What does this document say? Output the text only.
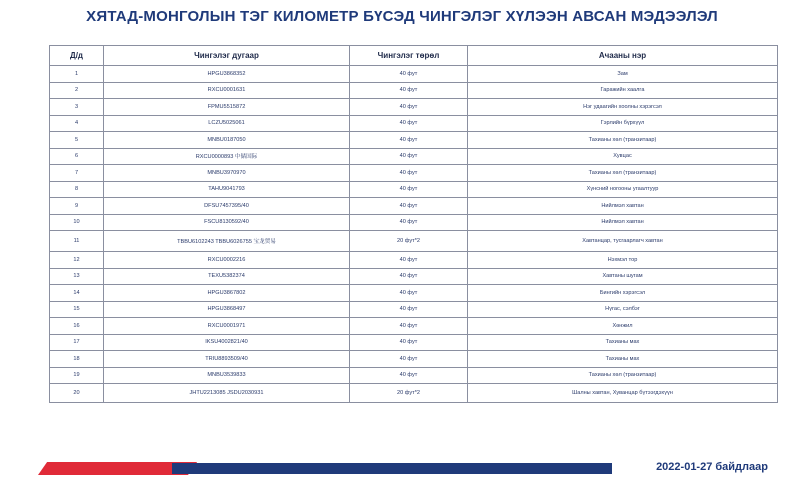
ХЯТАД-МОНГОЛЫН ТЭГ КИЛОМЕТР БҮСЭД ЧИНГЭЛЭГ ХҮЛЭЭН АВСАН МЭДЭЭЛЭЛ
Д/д	Чингэлэг дугаар	Чингэлэг төрөл	Ачааны нэр
1	HPGU3868352	40 фут	Зам
2	RXCU0001631	40 фут	Гаражийн хаалга
3	FPMU5515872	40 фут	Нэг удаагийн хоолны хэрэгсэл
4	LCZU5025061	40 фут	Гэрлийн бүрхүүл
5	MNBU0187050	40 фут	Тахианы хөл (транзитаар)
6	RXCU0000893 中储国际	40 фут	Хувцас
7	MNBU3970970	40 фут	Тахианы хөл (транзитаар)
8	TAHU9041793	40 фут	Хүнсний ногооны угаалтуур
9	DFSU7457395/40	40 фут	Нийлмэл хавтан
10	FSCU8130592/40	40 фут	Нийлмэл хавтан
11	TBBU6102243 TBBU6026755 宝龙贸易	20 фут*2	Хавтанцар, тусгаарлагч хавтан
12	RXCU0002216	40 фут	Нэхмэл тор
13	TEXU5382374	40 фут	Хавтаны шугам
14	HPGU3867802	40 фут	Бингийн хэрэгсэл
15	HPGU3868497	40 фут	Нүгас, сэлбэг
16	RXCU0001971	40 фут	Хөнжил
17	IKSU4002821/40	40 фут	Тахианы мах
18	TRIU8893509/40	40 фут	Тахианы мах
19	MNBU3539833	40 фут	Тахианы хөл (транзитаар)
20	JHTU2213085 JSDU2030931	20 фут*2	Шалны хавтан, Хуванцар бүтээгдэхүүн
2022-01-27 байдлаар
